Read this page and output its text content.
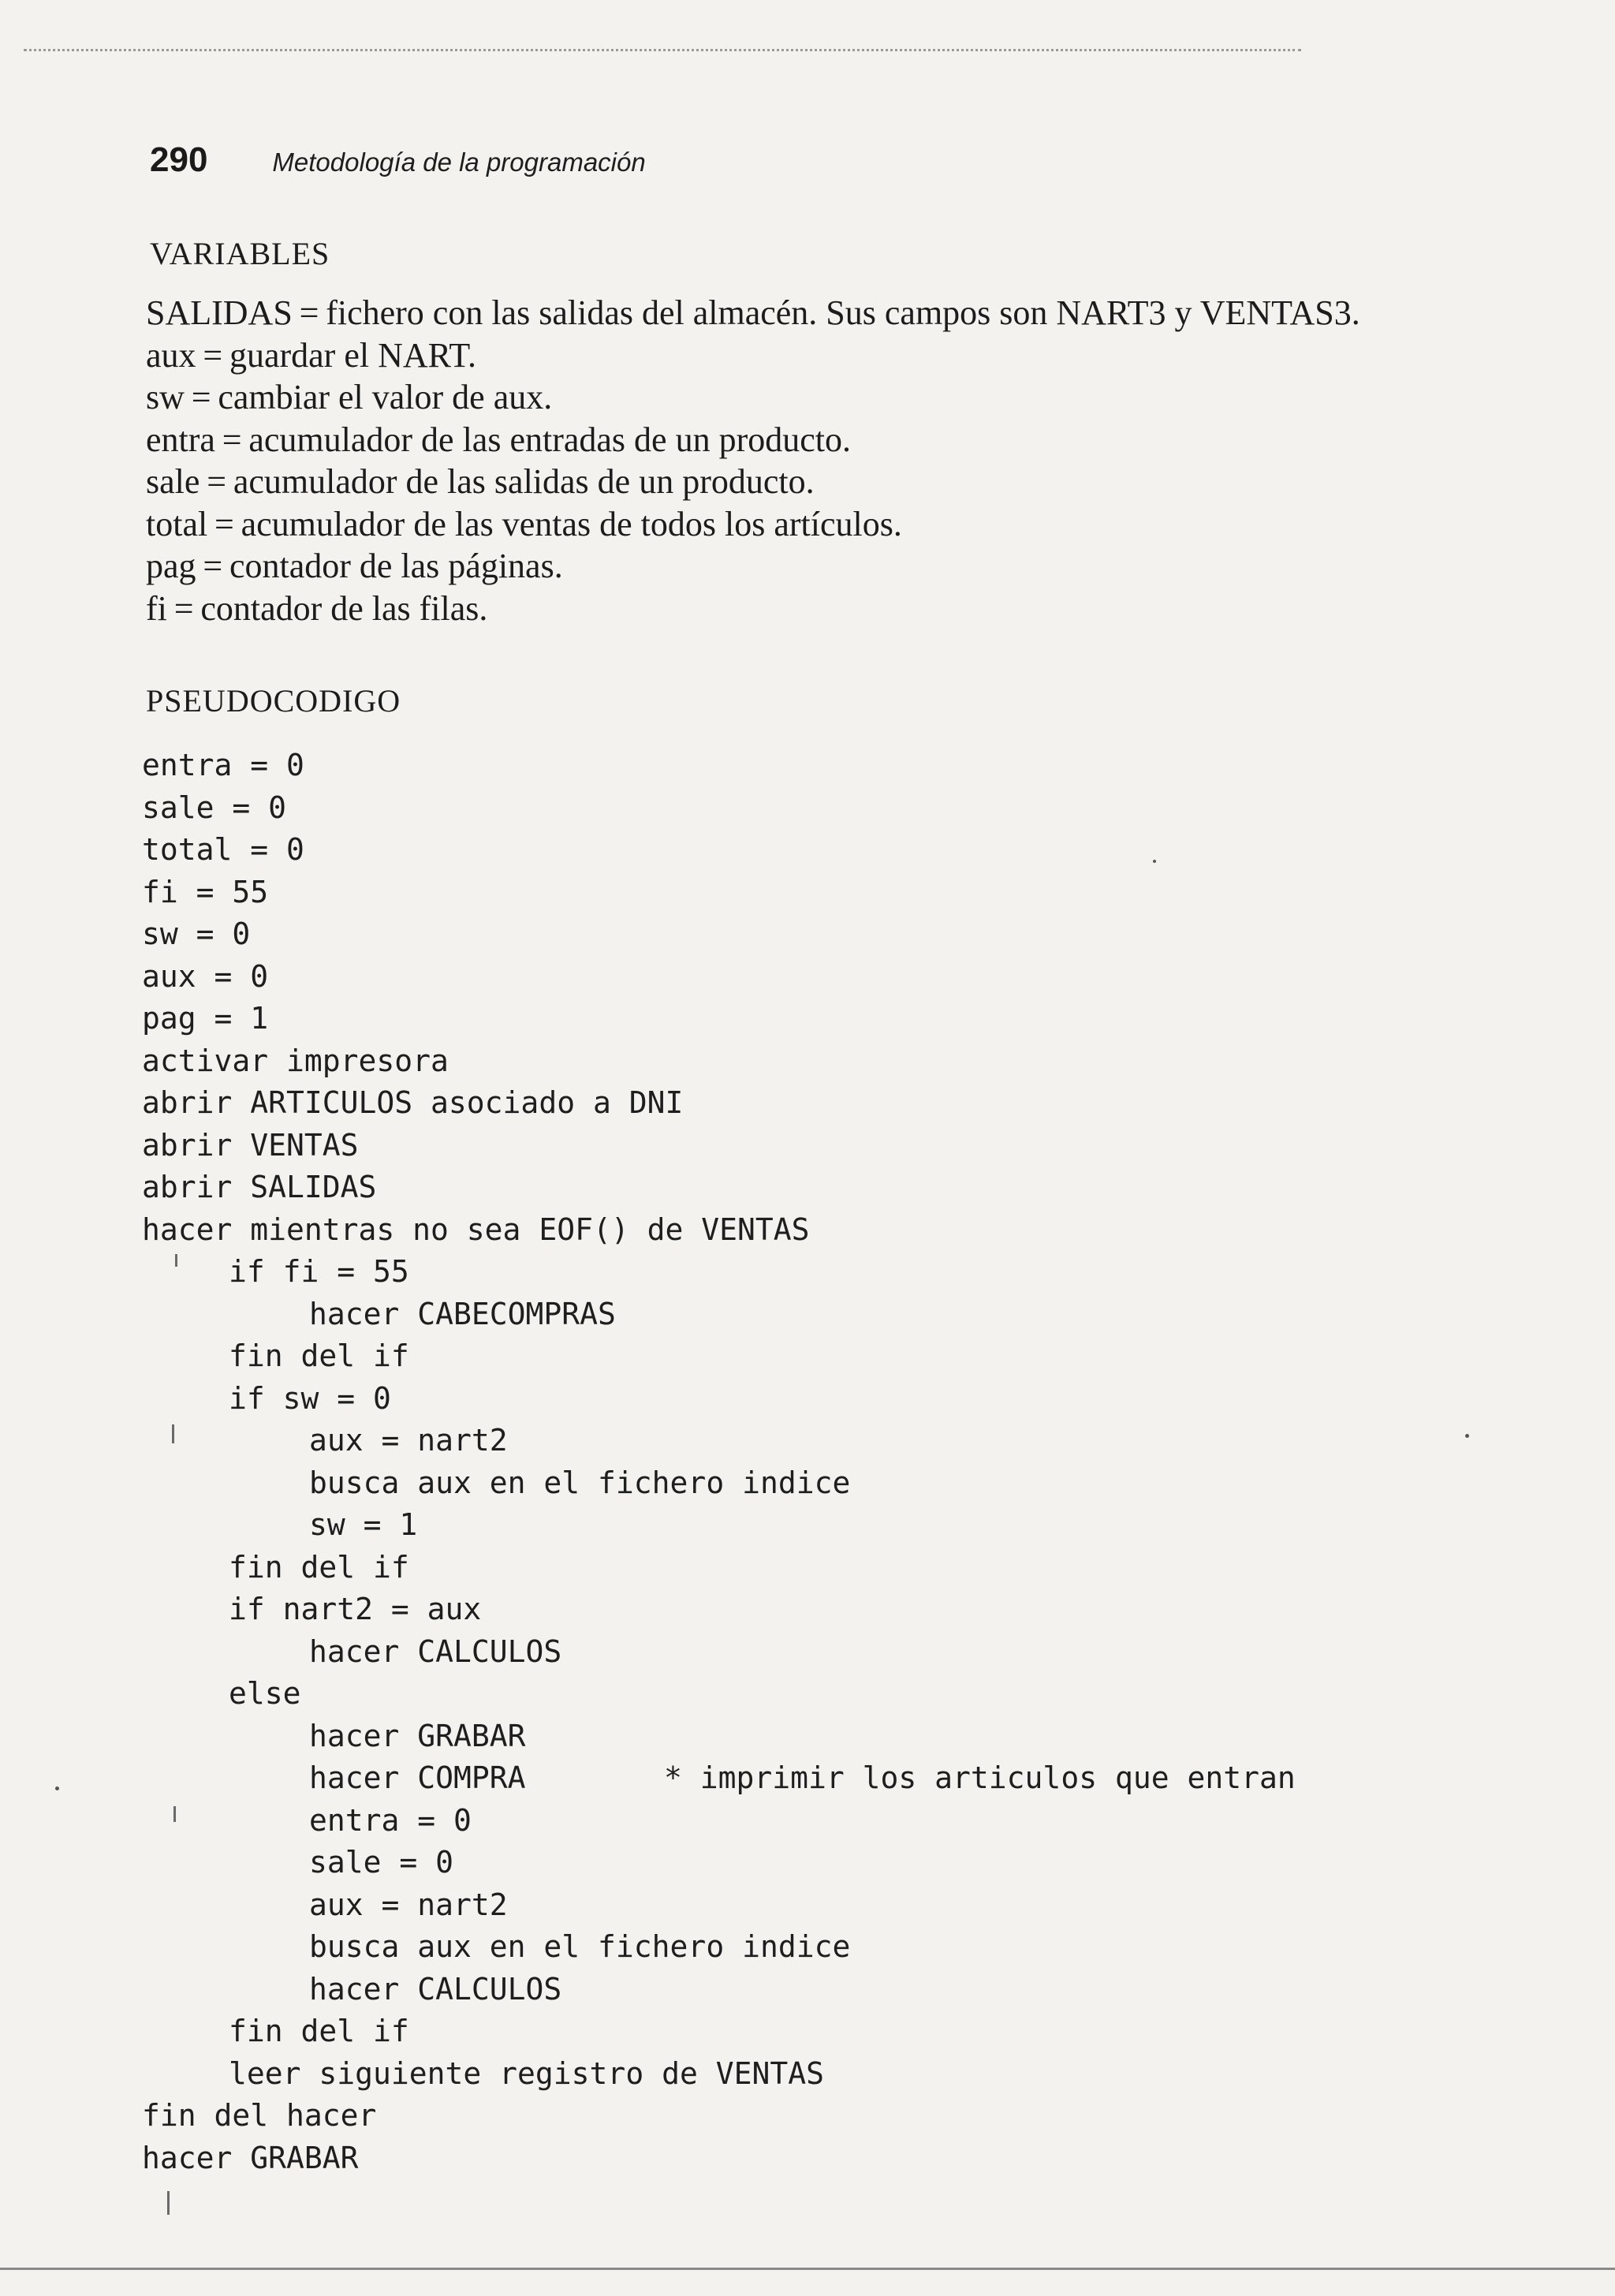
290 Metodología de la programación
VARIABLES
SALIDAS = fichero con las salidas del almacén. Sus campos son NART3 y VENTAS3.
aux = guardar el NART.
sw = cambiar el valor de aux.
entra = acumulador de las entradas de un producto.
sale = acumulador de las salidas de un producto.
total = acumulador de las ventas de todos los artículos.
pag = contador de las páginas.
fi = contador de las filas.
PSEUDOCODIGO
entra = 0
sale = 0
total = 0
fi = 55
sw = 0
aux = 0
pag = 1
activar impresora
abrir ARTICULOS asociado a DNI
abrir VENTAS
abrir SALIDAS
hacer mientras no sea EOF() de VENTAS
if fi = 55
hacer CABECOMPRAS
fin del if
if sw = 0
aux = nart2
busca aux en el fichero indice
sw = 1
fin del if
if nart2 = aux
hacer CALCULOS
else
hacer GRABAR
hacer COMPRA	* imprimir los articulos que entran
entra = 0
sale = 0
aux = nart2
busca aux en el fichero indice
hacer CALCULOS
fin del if
leer siguiente registro de VENTAS
fin del hacer
hacer GRABAR
